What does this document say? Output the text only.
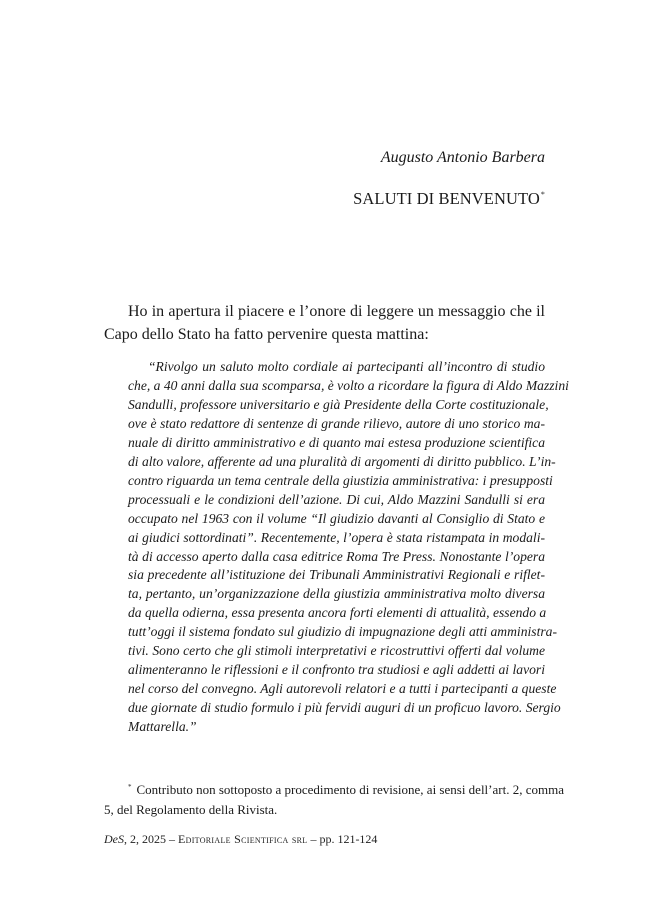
Augusto Antonio Barbera
SALUTI DI BENVENUTO*
Ho in apertura il piacere e l’onore di leggere un messaggio che il
Capo dello Stato ha fatto pervenire questa mattina:
“Rivolgo un saluto molto cordiale ai partecipanti all’incontro di studio
che, a 40 anni dalla sua scomparsa, è volto a ricordare la figura di Aldo Mazzini
Sandulli, professore universitario e già Presidente della Corte costituzionale,
ove è stato redattore di sentenze di grande rilievo, autore di uno storico ma-
nuale di diritto amministrativo e di quanto mai estesa produzione scientifica
di alto valore, afferente ad una pluralità di argomenti di diritto pubblico. L’in-
contro riguarda un tema centrale della giustizia amministrativa: i presupposti
processuali e le condizioni dell’azione. Di cui, Aldo Mazzini Sandulli si era
occupato nel 1963 con il volume “Il giudizio davanti al Consiglio di Stato e
ai giudici sottordinati”. Recentemente, l’opera è stata ristampata in modali-
tà di accesso aperto dalla casa editrice Roma Tre Press. Nonostante l’opera
sia precedente all’istituzione dei Tribunali Amministrativi Regionali e riflet-
ta, pertanto, un’organizzazione della giustizia amministrativa molto diversa
da quella odierna, essa presenta ancora forti elementi di attualità, essendo a
tutt’oggi il sistema fondato sul giudizio di impugnazione degli atti amministra-
tivi. Sono certo che gli stimoli interpretativi e ricostruttivi offerti dal volume
alimenteranno le riflessioni e il confronto tra studiosi e agli addetti ai lavori
nel corso del convegno. Agli autorevoli relatori e a tutti i partecipanti a queste
due giornate di studio formulo i più fervidi auguri di un proficuo lavoro. Sergio
Mattarella.”
* Contributo non sottoposto a procedimento di revisione, ai sensi dell’art. 2, comma
5, del Regolamento della Rivista.
DeS, 2, 2025 – Editoriale Scientifica srl – pp. 121-124
